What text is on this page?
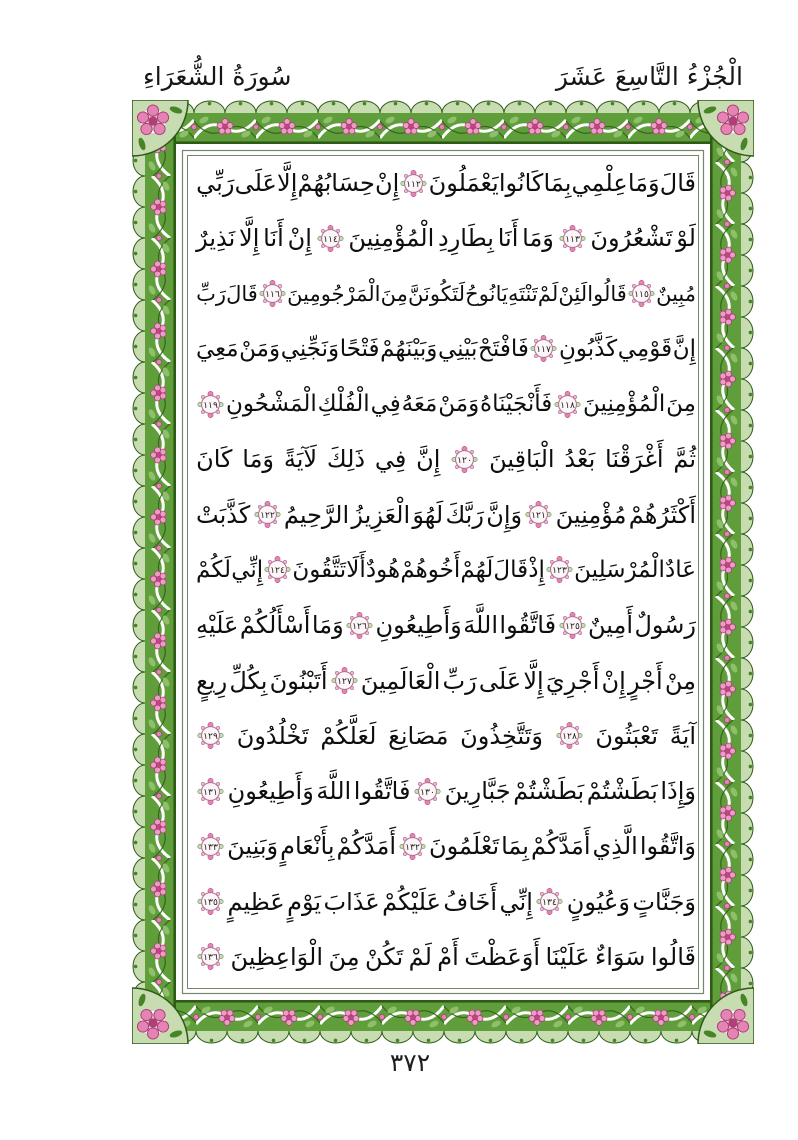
الْجُزْءُ التَّاسِعَ عَشَرَ
سُورَةُ الشُّعَرَاءِ
قَالَ
وَمَا
عِلْمِي
بِمَا
كَانُوا
يَعْمَلُونَ
١١٢
إِنْ
حِسَابُهُمْ
إِلَّا
عَلَى
رَبِّي
لَوْ
تَشْعُرُونَ
١١٣
وَمَا
أَنَا
بِطَارِدِ
الْمُؤْمِنِينَ
١١٤
إِنْ
أَنَا
إِلَّا
نَذِيرٌ
مُبِينٌ
١١٥
قَالُوا
لَئِنْ
لَمْ
تَنْتَهِ
يَا
نُوحُ
لَتَكُونَنَّ
مِنَ
الْمَرْجُومِينَ
١١٦
قَالَ
رَبِّ
إِنَّ
قَوْمِي
كَذَّبُونِ
١١٧
فَافْتَحْ
بَيْنِي
وَبَيْنَهُمْ
فَتْحًا
وَنَجِّنِي
وَمَنْ
مَعِيَ
مِنَ
الْمُؤْمِنِينَ
١١٨
فَأَنْجَيْنَاهُ
وَمَنْ
مَعَهُ
فِي
الْفُلْكِ
الْمَشْحُونِ
١١٩
ثُمَّ
أَغْرَقْنَا
بَعْدُ
الْبَاقِينَ
١٢٠
إِنَّ
فِي
ذَلِكَ
لَآيَةً
وَمَا
كَانَ
أَكْثَرُهُمْ
مُؤْمِنِينَ
١٢١
وَإِنَّ
رَبَّكَ
لَهُوَ
الْعَزِيزُ
الرَّحِيمُ
١٢٢
كَذَّبَتْ
عَادٌ
الْمُرْسَلِينَ
١٢٣
إِذْ
قَالَ
لَهُمْ
أَخُوهُمْ
هُودٌ
أَلَا
تَتَّقُونَ
١٢٤
إِنِّي
لَكُمْ
رَسُولٌ
أَمِينٌ
١٢٥
فَاتَّقُوا
اللَّهَ
وَأَطِيعُونِ
١٢٦
وَمَا
أَسْأَلُكُمْ
عَلَيْهِ
مِنْ
أَجْرٍ
إِنْ
أَجْرِيَ
إِلَّا
عَلَى
رَبِّ
الْعَالَمِينَ
١٢٧
أَتَبْنُونَ
بِكُلِّ
رِيعٍ
آيَةً
تَعْبَثُونَ
١٢٨
وَتَتَّخِذُونَ
مَصَانِعَ
لَعَلَّكُمْ
تَخْلُدُونَ
١٢٩
وَإِذَا
بَطَشْتُمْ
بَطَشْتُمْ
جَبَّارِينَ
١٣٠
فَاتَّقُوا
اللَّهَ
وَأَطِيعُونِ
١٣١
وَاتَّقُوا
الَّذِي
أَمَدَّكُمْ
بِمَا
تَعْلَمُونَ
١٣٢
أَمَدَّكُمْ
بِأَنْعَامٍ
وَبَنِينَ
١٣٣
وَجَنَّاتٍ
وَعُيُونٍ
١٣٤
إِنِّي
أَخَافُ
عَلَيْكُمْ
عَذَابَ
يَوْمٍ
عَظِيمٍ
١٣٥
قَالُوا
سَوَاءٌ
عَلَيْنَا
أَوَعَظْتَ
أَمْ
لَمْ
تَكُنْ
مِنَ
الْوَاعِظِينَ
١٣٦
٣٧٢
